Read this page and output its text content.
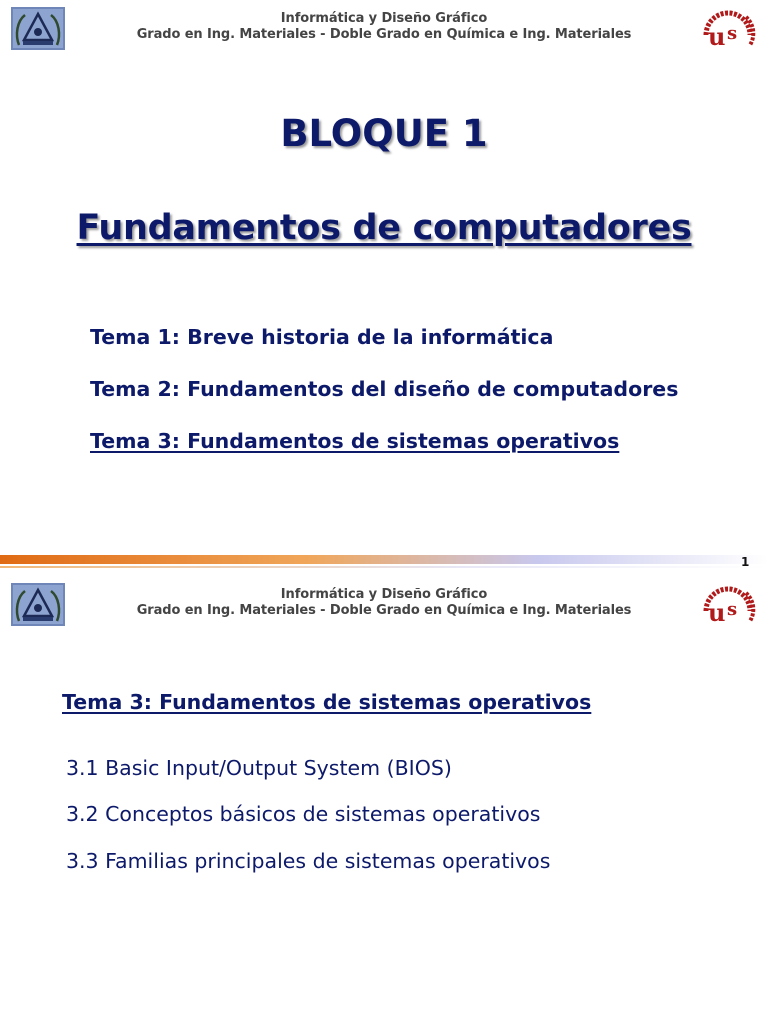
Informática y Diseño Gráfico
Grado en Ing. Materiales - Doble Grado en Química e Ing. Materiales	u s
BLOQUE 1
Fundamentos de computadores
Tema 1: Breve historia de la informática
Tema 2: Fundamentos del diseño de computadores
Tema 3: Fundamentos de sistemas operativos
1
Informática y Diseño Gráfico
Grado en Ing. Materiales - Doble Grado en Química e Ing. Materiales	u s
Tema 3: Fundamentos de sistemas operativos
3.1 Basic Input/Output System (BIOS)
3.2 Conceptos básicos de sistemas operativos
3.3 Familias principales de sistemas operativos
